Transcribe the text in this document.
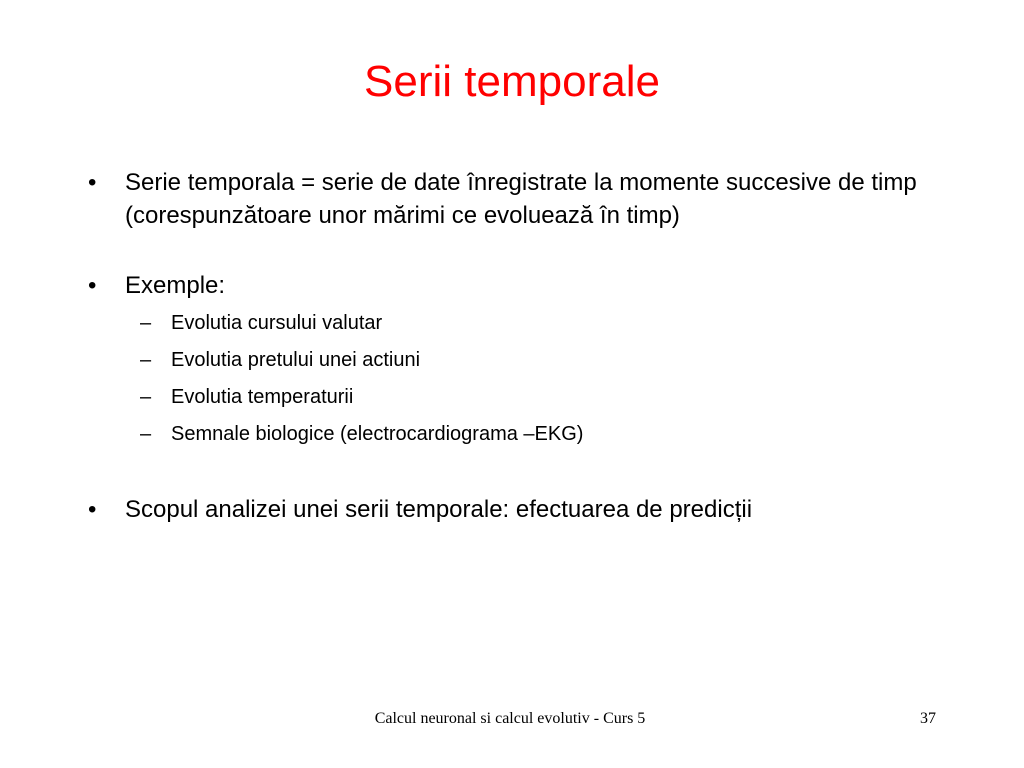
Serii temporale
• Serie temporala = serie de date înregistrate la momente succesive de timp (corespunzătoare unor mărimi ce evoluează în timp)
• Exemple:
– Evolutia cursului valutar
– Evolutia pretului unei actiuni
– Evolutia temperaturii
– Semnale biologice (electrocardiograma –EKG)
• Scopul analizei unei serii temporale: efectuarea de predicții
Calcul neuronal si calcul evolutiv - Curs 5	37
